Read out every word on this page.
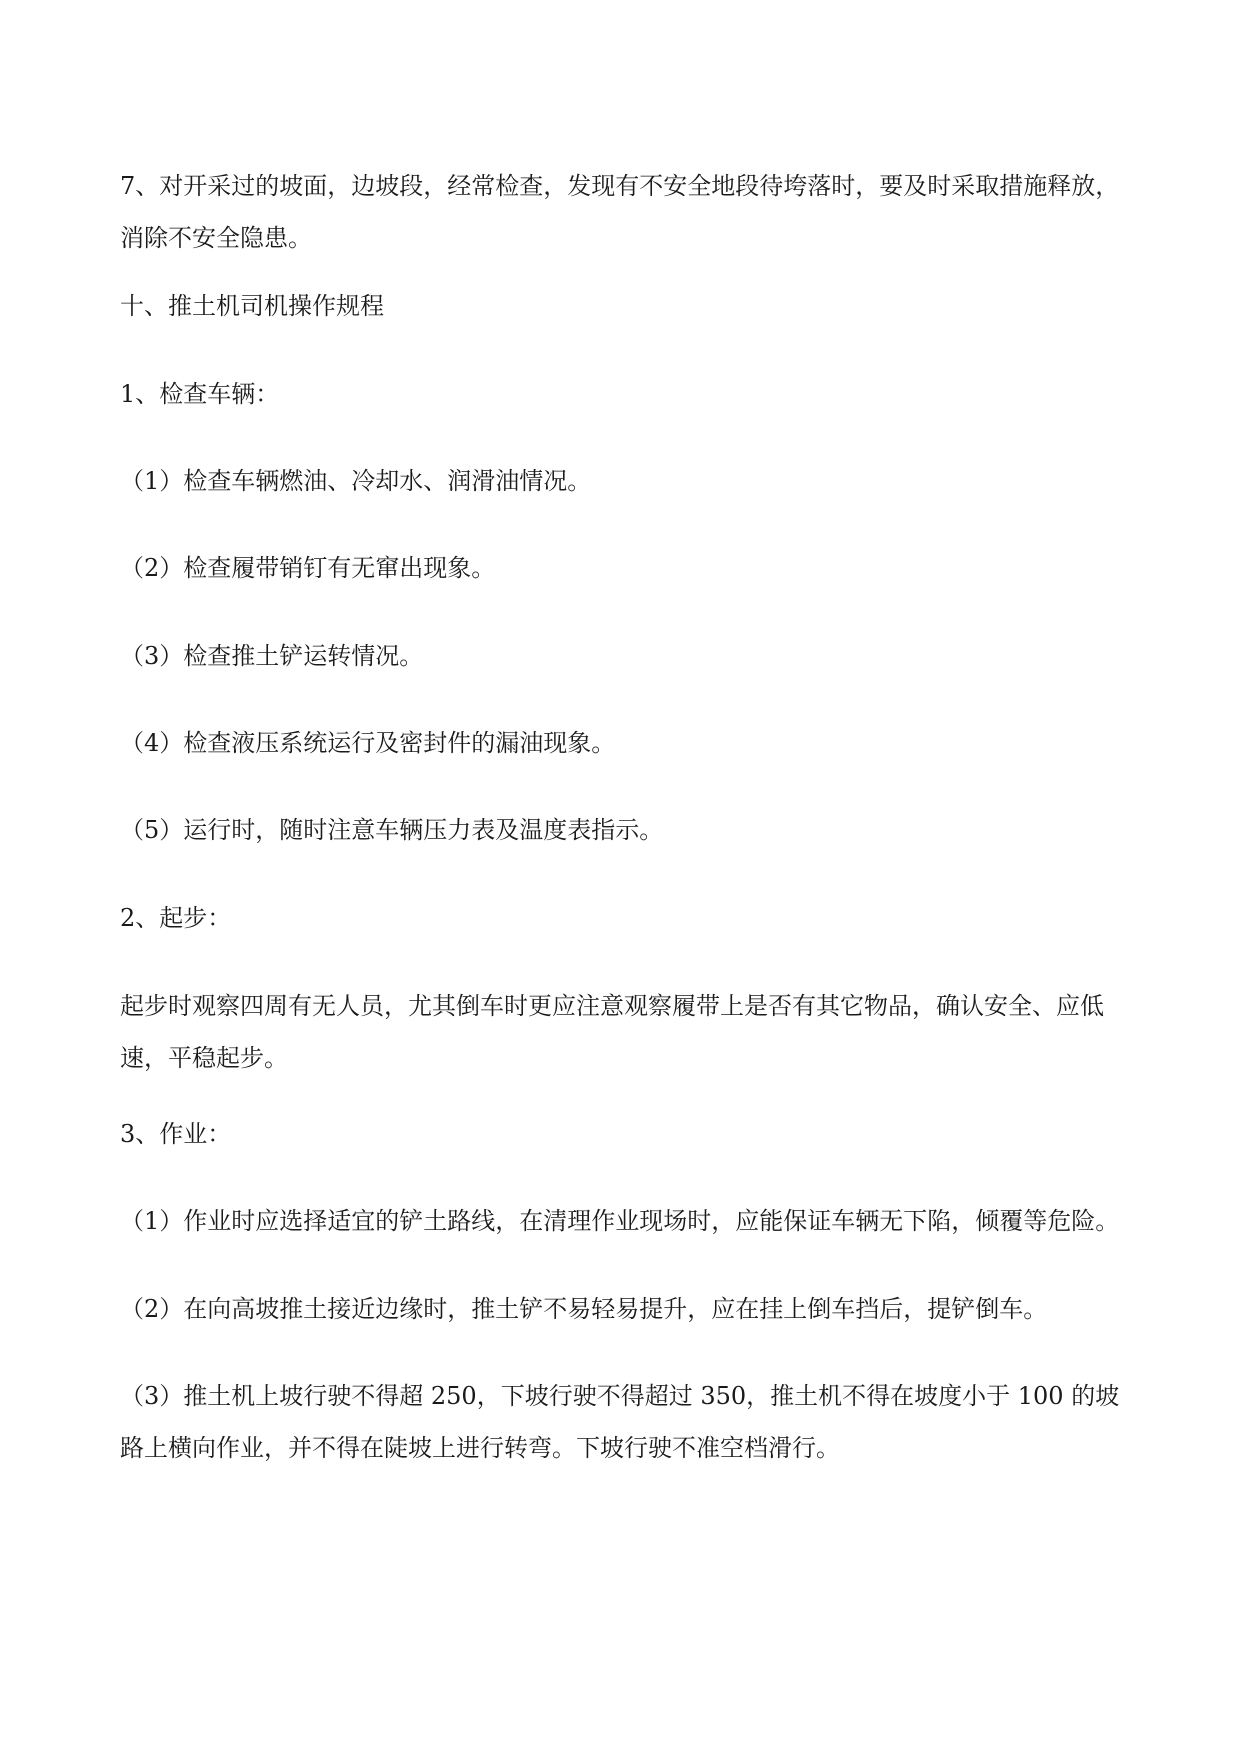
7、对开采过的坡面，边坡段，经常检查，发现有不安全地段待垮落时，要及时采取措施释放，消除不安全隐患。

十、推土机司机操作规程

1、检查车辆：

（1）检查车辆燃油、冷却水、润滑油情况。

（2）检查履带销钉有无窜出现象。

（3）检查推土铲运转情况。

（4）检查液压系统运行及密封件的漏油现象。

（5）运行时，随时注意车辆压力表及温度表指示。

2、起步：

起步时观察四周有无人员，尤其倒车时更应注意观察履带上是否有其它物品，确认安全、应低速，平稳起步。

3、作业：

（1）作业时应选择适宜的铲土路线，在清理作业现场时，应能保证车辆无下陷，倾覆等危险。

（2）在向高坡推土接近边缘时，推土铲不易轻易提升，应在挂上倒车挡后，提铲倒车。

（3）推土机上坡行驶不得超 250，下坡行驶不得超过 350，推土机不得在坡度小于 100 的坡路上横向作业，并不得在陡坡上进行转弯。下坡行驶不准空档滑行。
